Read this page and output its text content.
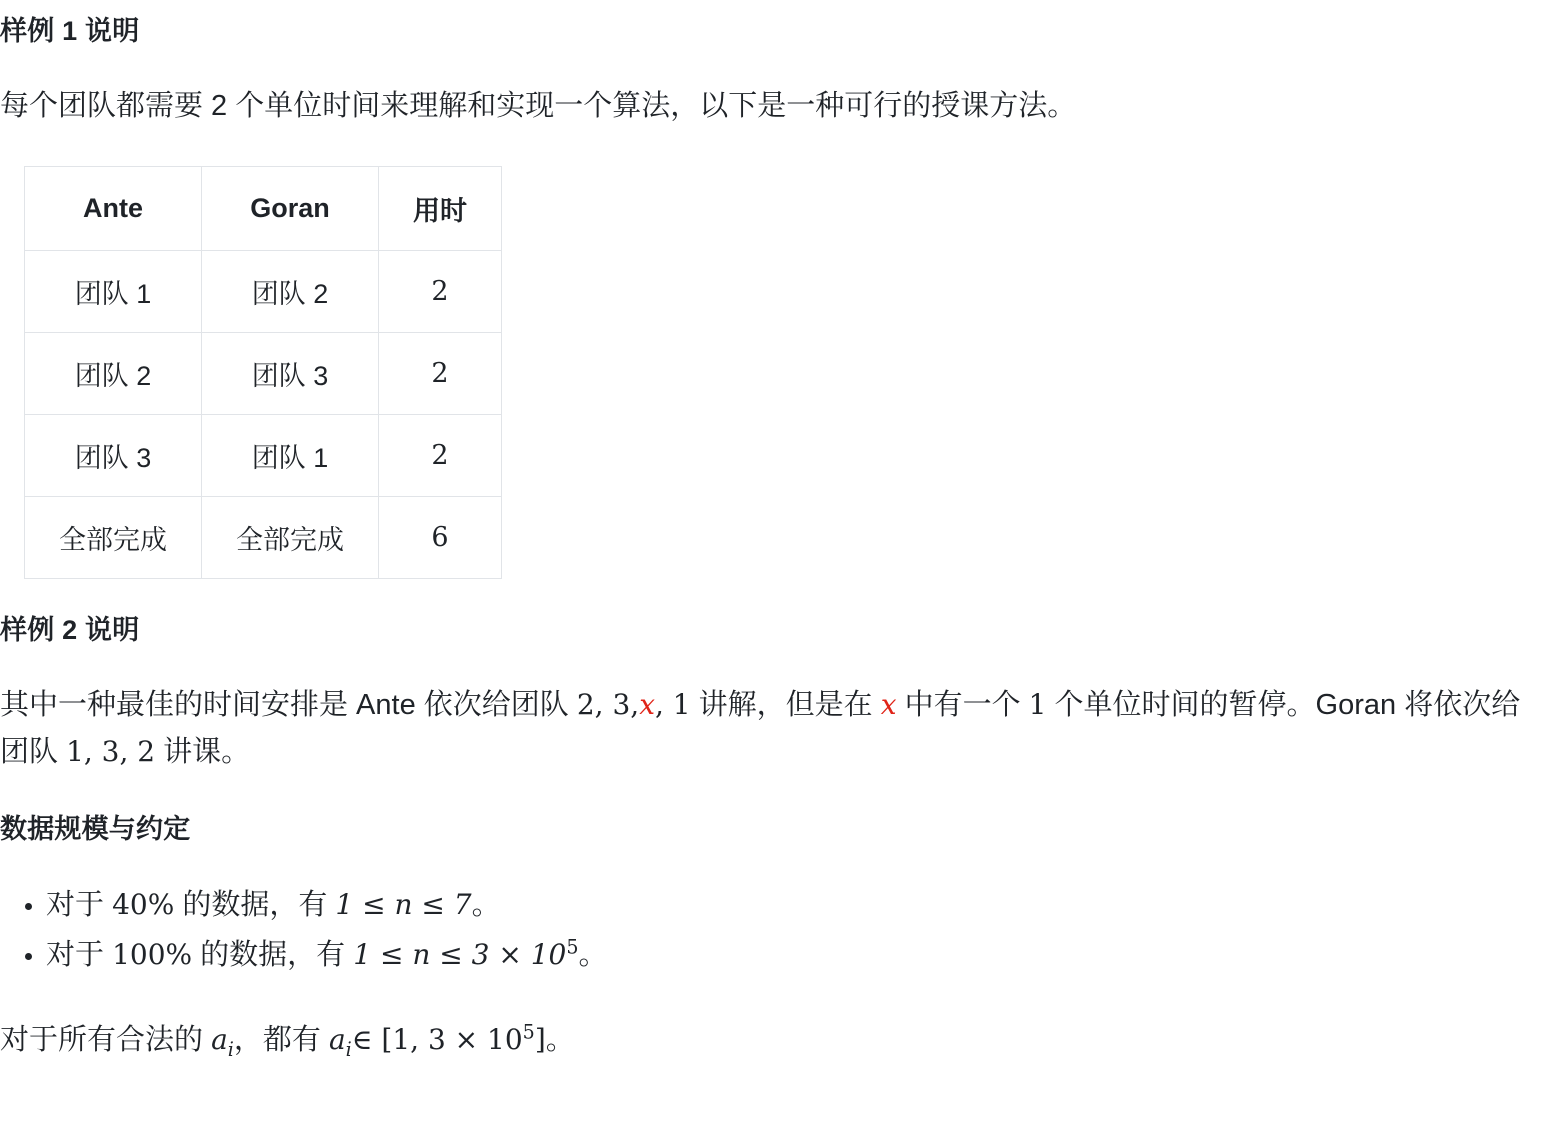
样例 1 说明

每个团队都需要 2 个单位时间来理解和实现一个算法，以下是一种可行的授课方法。

Ante	Goran	用时
团队 1	团队 2	2
团队 2	团队 3	2
团队 3	团队 1	2
全部完成	全部完成	6
样例 2 说明

其中一种最佳的时间安排是 Ante 依次给团队 2, 3,x, 1 讲解，但是在 x 中有一个 1 个单位时间的暂停。Goran 将依次给团队 1, 3, 2 讲课。

数据规模与约定
• 对于 40% 的数据，有 1 ≤ n ≤ 7。
• 对于 100% 的数据，有 $1 \le n \le 3 \times 10^5$。

对于所有合法的 $a_i$，都有 $a_i\in$ [1, $3 \times 10^5$]。
